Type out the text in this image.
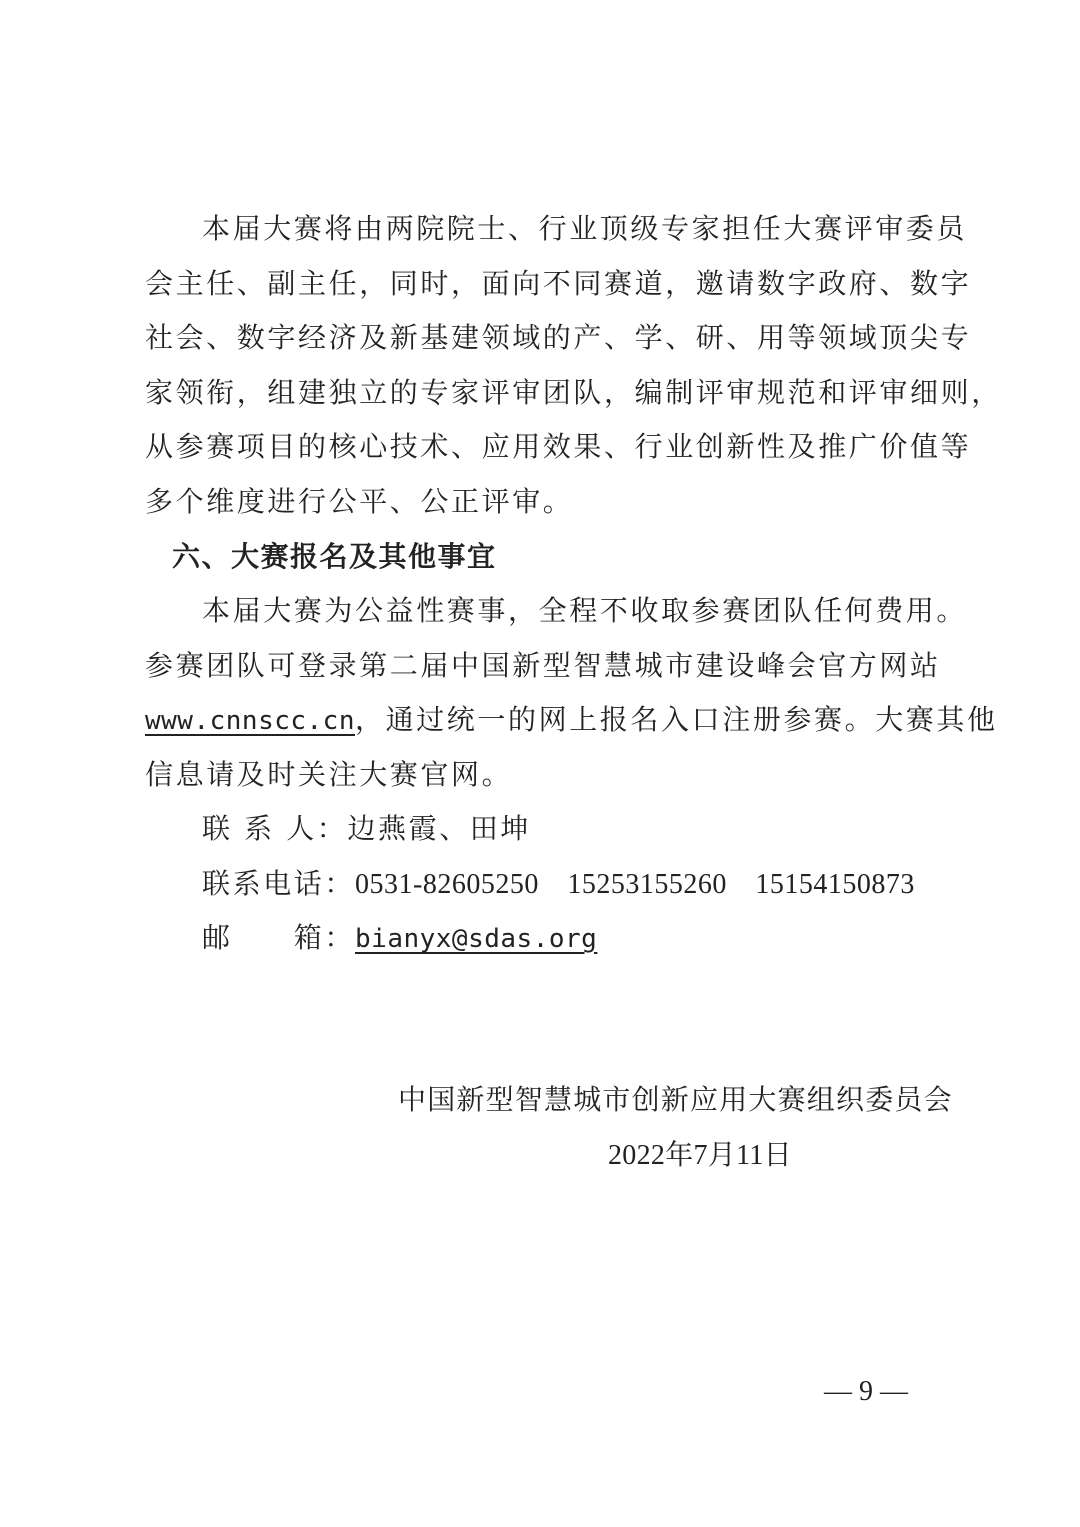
本届大赛将由两院院士、行业顶级专家担任大赛评审委员
会主任、副主任，同时，面向不同赛道，邀请数字政府、数字
社会、数字经济及新基建领域的产、学、研、用等领域顶尖专
家领衔，组建独立的专家评审团队，编制评审规范和评审细则，
从参赛项目的核心技术、应用效果、行业创新性及推广价值等
多个维度进行公平、公正评审。
六、大赛报名及其他事宜
本届大赛为公益性赛事，全程不收取参赛团队任何费用。
参赛团队可登录第二届中国新型智慧城市建设峰会官方网站
www.cnnscc.cn，通过统一的网上报名入口注册参赛。大赛其他
信息请及时关注大赛官网。
联 系 人：边燕霞、田坤
联系电话：0531-82605250　15253155260　15154150873
邮　　箱：bianyx@sdas.org
中国新型智慧城市创新应用大赛组织委员会
2022年7月11日
— 9 —
